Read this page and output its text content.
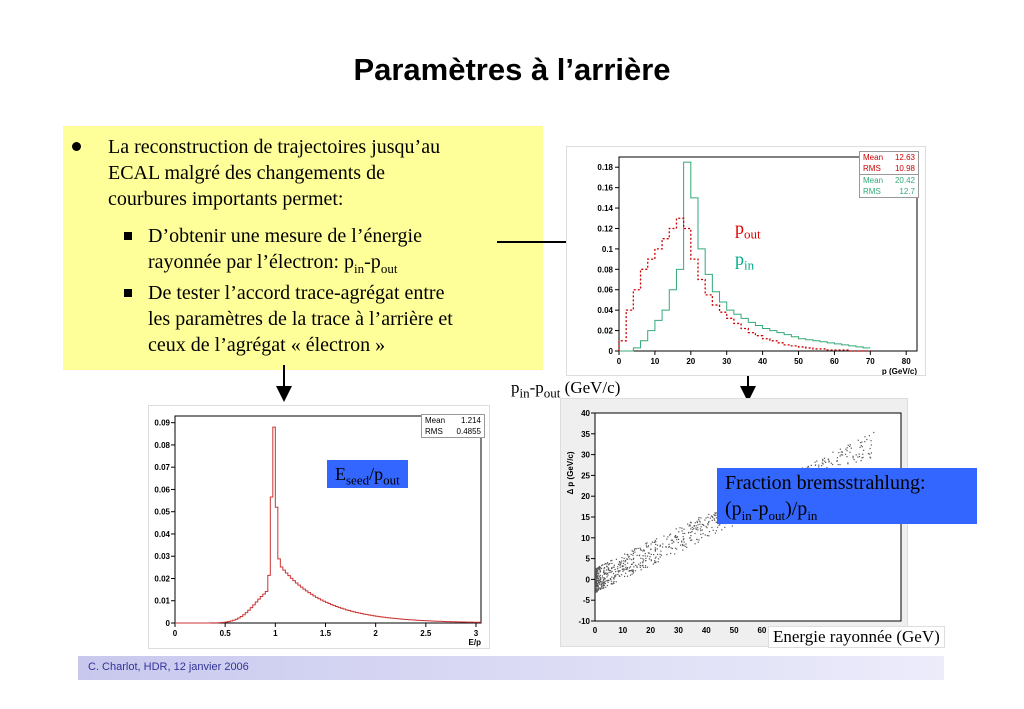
Paramètres à l’arrière
La reconstruction de trajectoires jusqu’au
ECAL malgré des changements de
courbures importants permet:
D’obtenir une mesure de l’énergie
rayonnée par l’électron: $p_{in}-p_{out}$
De tester l’accord trace-agrégat entre
les paramètres de la trace à l’arrière et
ceux de l’agrégat « électron »	0
0.02
0.04
0.06
0.08
0.1
0.12
0.14
0.16
0.18
0	10	20	30	40	50	60	70	80
p (GeV/c)
Mean 12.63
RMS 10.98
Mean 20.42
RMS 12.7
$p_{out}$
$p_{in}$
0
0.01
0.02
0.03
0.04
0.05
0.06
0.07
0.08
0.09
0	0.5	1	1.5	2	2.5	3
E/p
Mean 1.214
RMS 0.4855
$E_{seed}/p_{out}$
$p_{in}-p_{out}$ (GeV/c)
-10
-5
0
5
10
15
20
25
30
35
40
0	10 20 30 40 50 60
Δ p (GeV/c)	Fraction bremsstrahlung:
$(p_{in}-p_{out})/p_{in}$
Energie rayonnée (GeV)
C. Charlot, HDR, 12 janvier 2006
